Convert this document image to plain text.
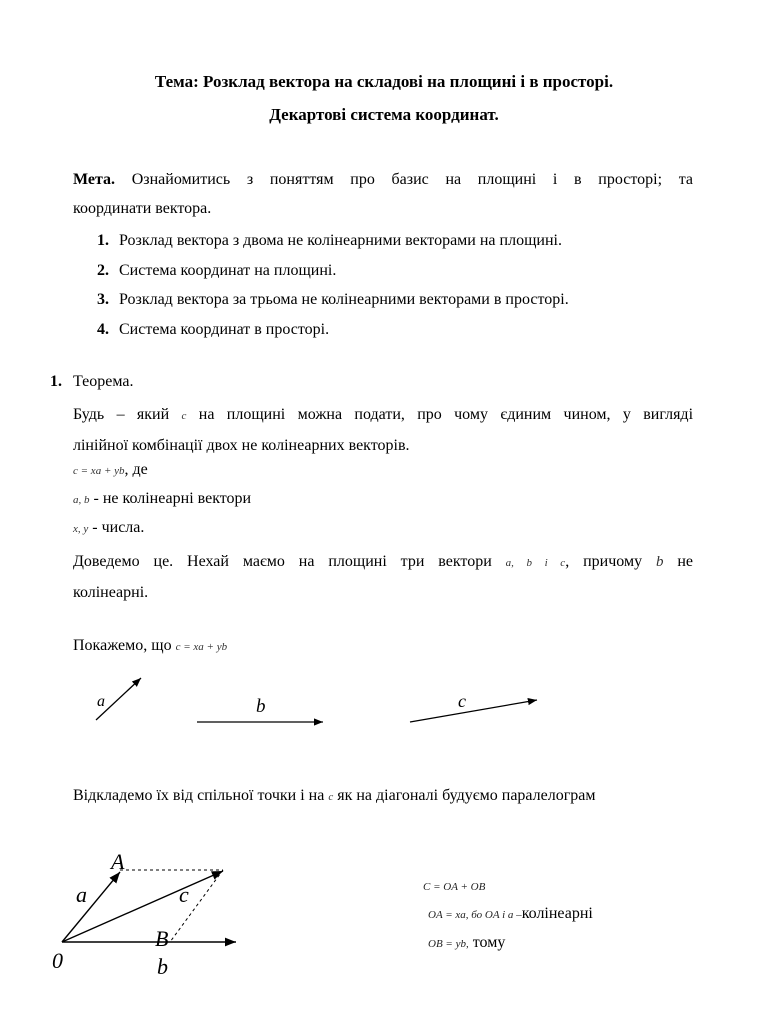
Тема: Розклад вектора на складові на площині і в просторі.
Декартові система координат.
Мета. Ознайомитись з поняттям про базис на площині і в просторі; та
координати вектора.
1. Розклад вектора з двома не колінеарними векторами на площині.
2. Система координат на площині.
3. Розклад вектора за трьома не колінеарними векторами в просторі.
4. Система координат в просторі.
1. Теорема.
Будь – який c на площині можна подати, про чому єдиним чином, у вигляді
лінійної комбінації двох не колінеарних векторів.
c = xa + yb, де
a, b - не колінеарні вектори
x, y - числа.
Доведемо це. Нехай маємо на площині три вектори a, b і c, причому b не
колінеарні.
Покажемо, що c = xa + yb
a	b	c
Відкладемо їх від спільної точки і на c як на діагоналі будуємо паралелограм
A
B
a	c
0	b
C = OA + OB
OA = xa, бо OA і a –колінеарні
OB = yb, тому
